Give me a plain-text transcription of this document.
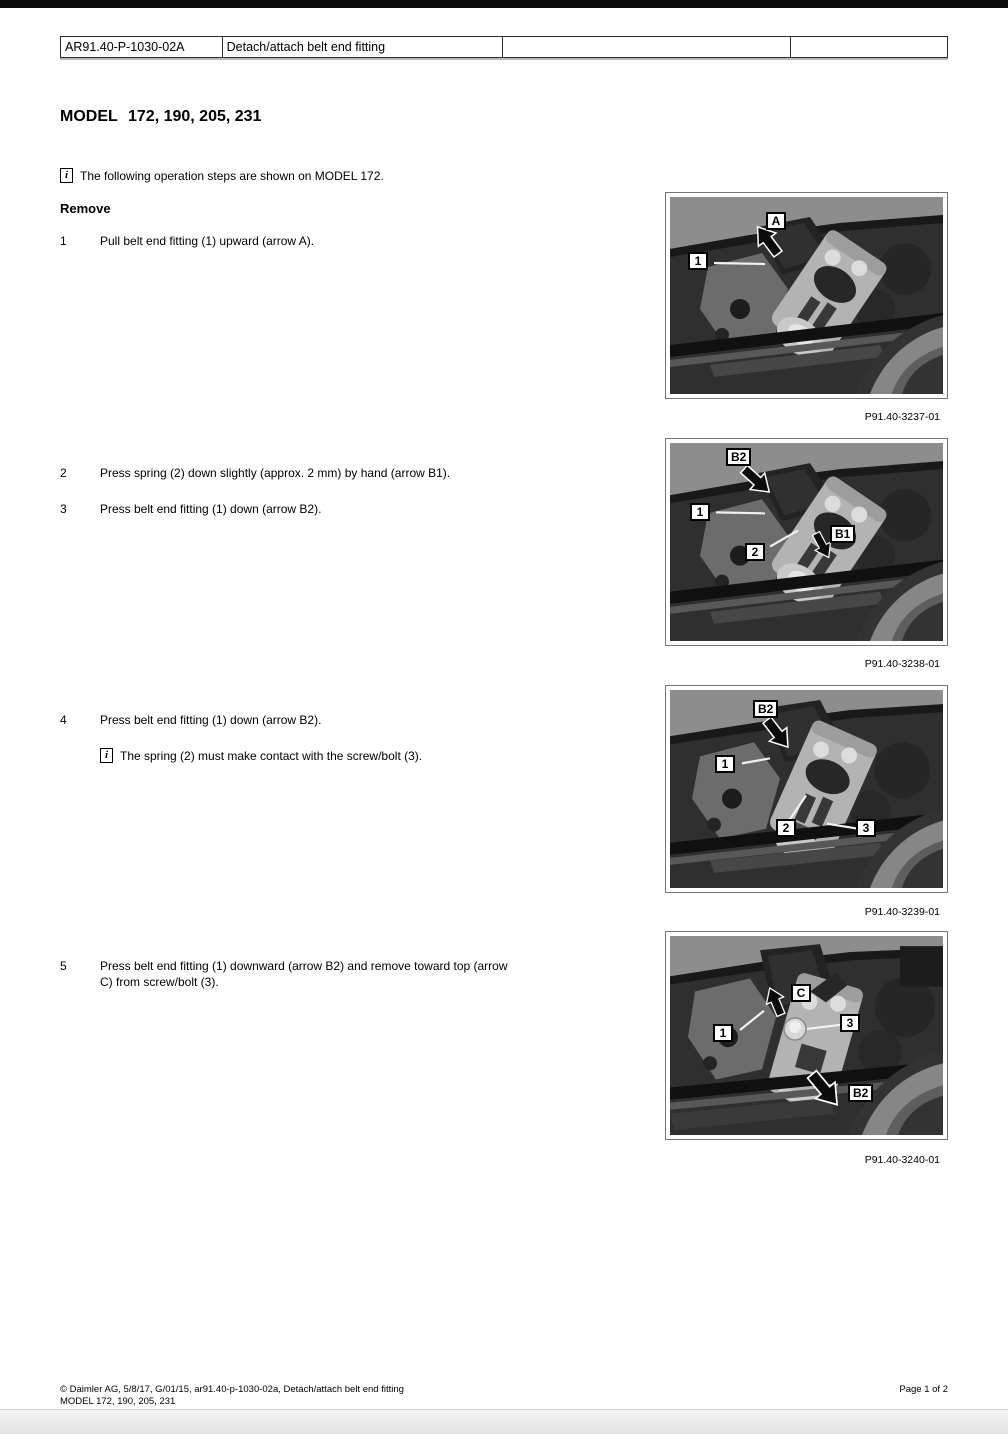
AR91.40-P-1030-02A	Detach/attach belt end fitting
MODEL 172, 190, 205, 231
i The following operation steps are shown on MODEL 172.
Remove
1	Pull belt end fitting (1) upward (arrow A).
2	Press spring (2) down slightly (approx. 2 mm) by hand (arrow B1).
3	Press belt end fitting (1) down (arrow B2).
4	Press belt end fitting (1) down (arrow B2).
i The spring (2) must make contact with the screw/bolt (3).
5	Press belt end fitting (1) downward (arrow B2) and remove toward top (arrow C) from screw/bolt (3).
1
A
P91.40-3237-01
B2
1
2
B1
P91.40-3238-01
B2
1
2	3
P91.40-3239-01
C
1
3
B2
P91.40-3240-01
© Daimler AG, 5/8/17, G/01/15, ar91.40-p-1030-02a, Detach/attach belt end fitting
MODEL 172, 190, 205, 231
Page 1 of 2
